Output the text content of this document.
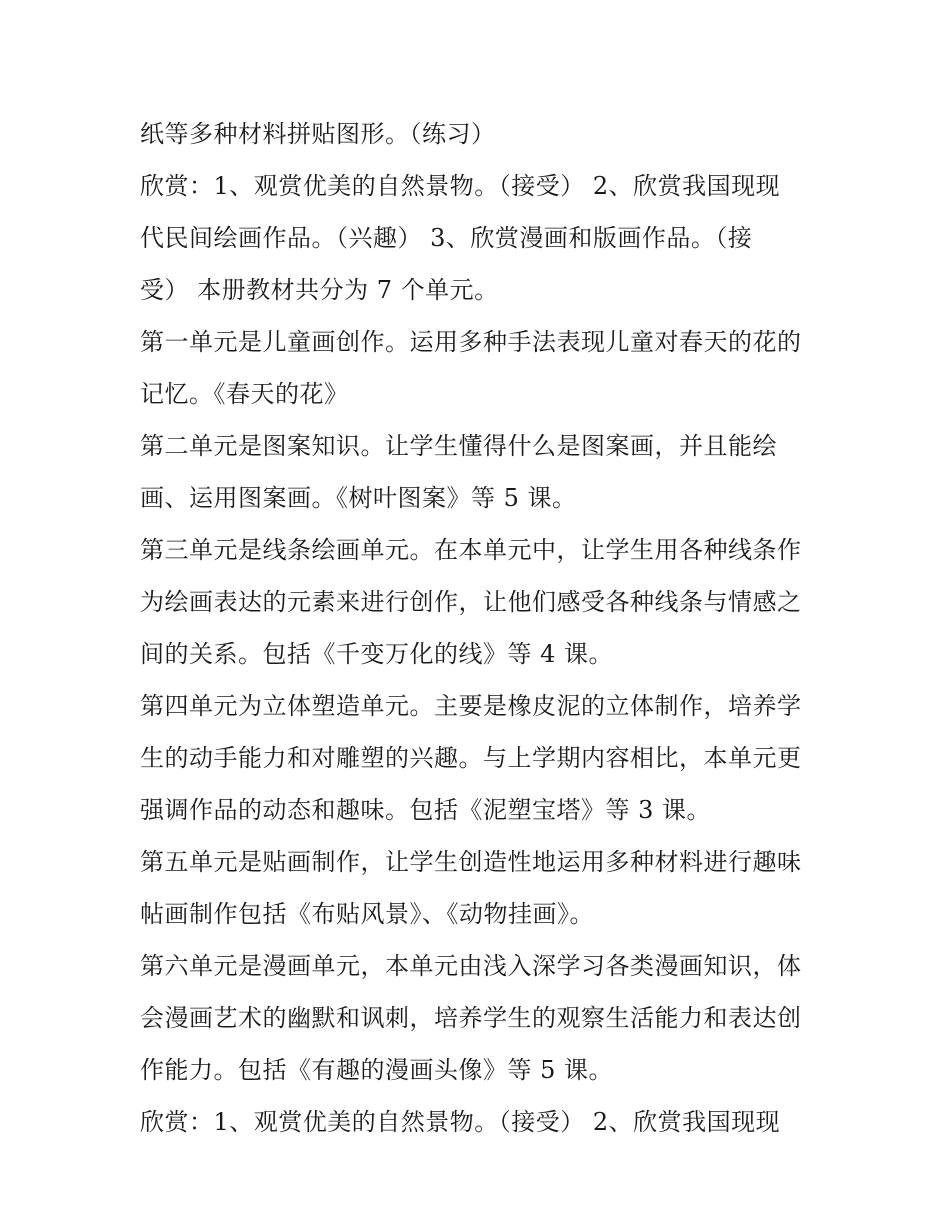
纸等多种材料拼贴图形。（练习）
欣赏：1、观赏优美的自然景物。（接受） 2、欣赏我国现现
代民间绘画作品。（兴趣） 3、欣赏漫画和版画作品。（接
受） 本册教材共分为 7 个单元。
第一单元是儿童画创作。运用多种手法表现儿童对春天的花的
记忆。《春天的花》
第二单元是图案知识。让学生懂得什么是图案画，并且能绘
画、运用图案画。《树叶图案》等 5 课。
第三单元是线条绘画单元。在本单元中，让学生用各种线条作
为绘画表达的元素来进行创作，让他们感受各种线条与情感之
间的关系。包括《千变万化的线》等 4 课。
第四单元为立体塑造单元。主要是橡皮泥的立体制作，培养学
生的动手能力和对雕塑的兴趣。与上学期内容相比，本单元更
强调作品的动态和趣味。包括《泥塑宝塔》等 3 课。
第五单元是贴画制作，让学生创造性地运用多种材料进行趣味
帖画制作包括《布贴风景》、《动物挂画》。
第六单元是漫画单元，本单元由浅入深学习各类漫画知识，体
会漫画艺术的幽默和讽刺，培养学生的观察生活能力和表达创
作能力。包括《有趣的漫画头像》等 5 课。
欣赏：1、观赏优美的自然景物。（接受） 2、欣赏我国现现
